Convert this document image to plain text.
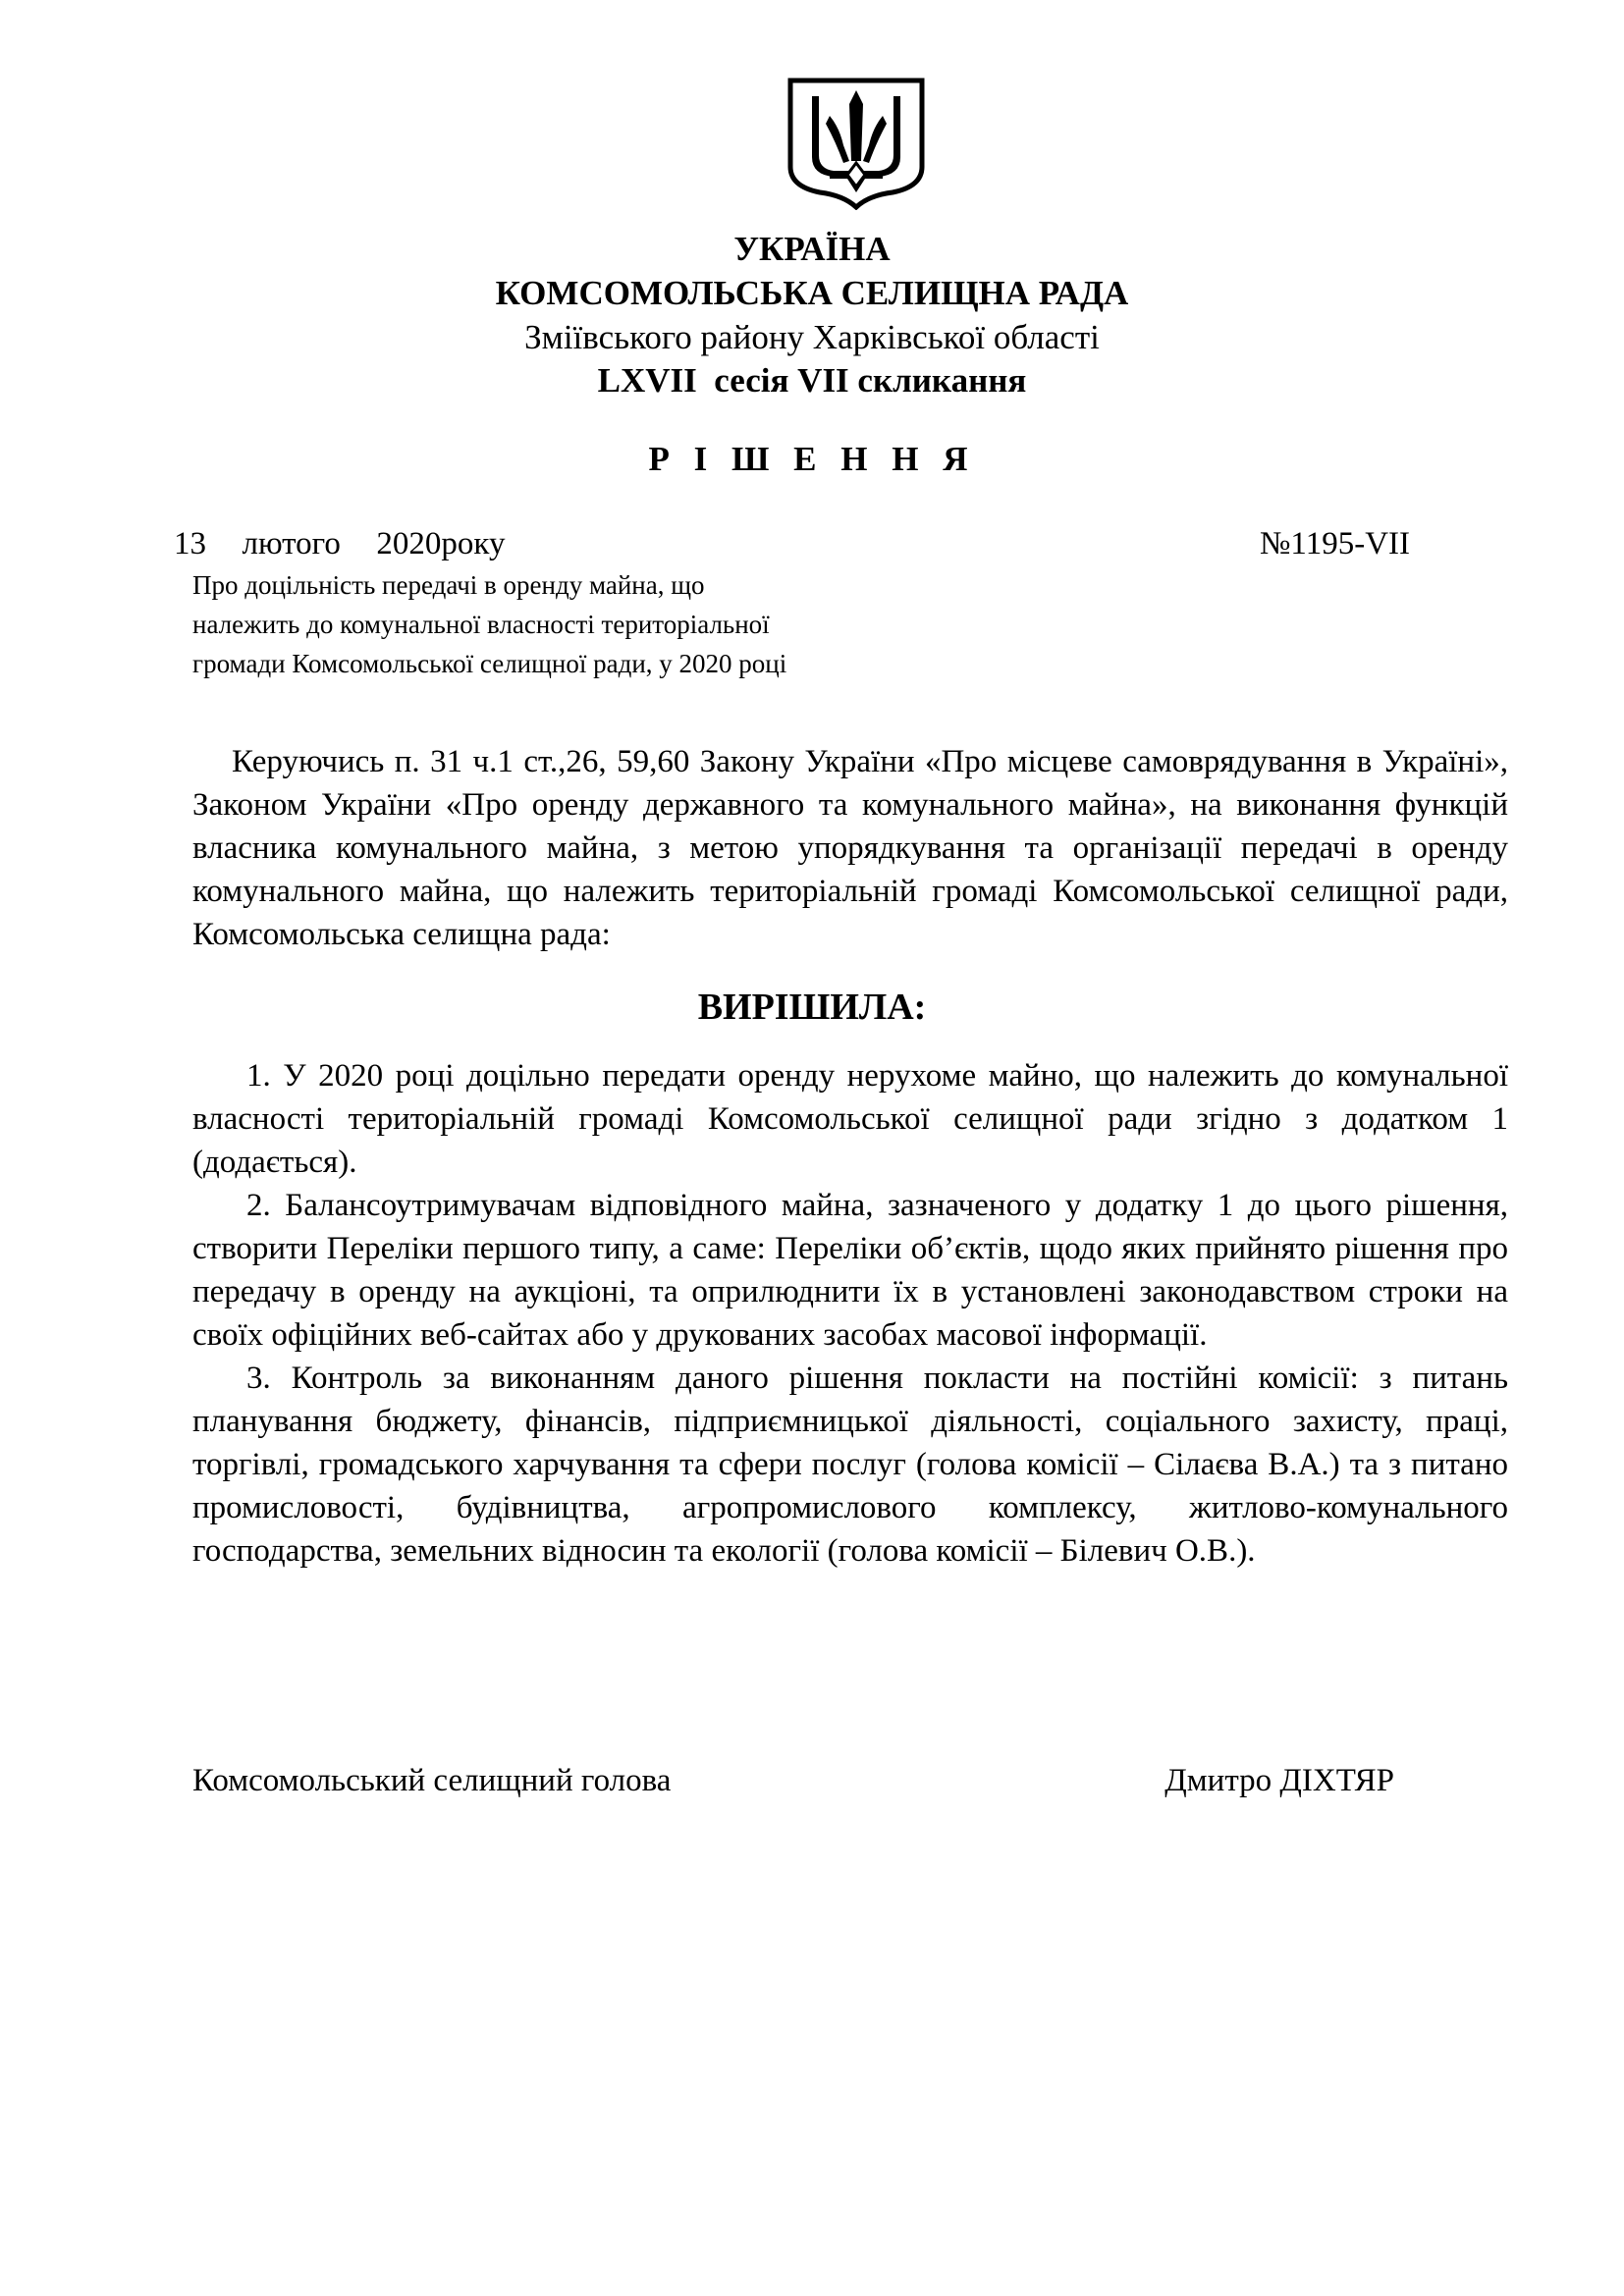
УКРАЇНА
КОМСОМОЛЬСЬКА СЕЛИЩНА РАДА
Зміївського району Харківської області
LXVII  сесія VII скликання
Р І Ш Е Н Н Я
13  лютого  2020року	№1195-VII
Про доцільність передачі в оренду майна, що
належить до комунальної власності територіальної
громади Комсомольської селищної ради, у 2020 році
Керуючись п. 31 ч.1 ст.,26, 59,60 Закону України «Про місцеве самоврядування в Україні», Законом України «Про оренду державного та комунального майна», на виконання функцій власника комунального майна, з метою упорядкування та організації передачі в оренду комунального майна, що належить територіальній громаді Комсомольської селищної ради, Комсомольська селищна рада:
ВИРІШИЛА:

1. У 2020 році доцільно передати оренду нерухоме майно, що належить до комунальної власності територіальній громаді Комсомольської селищної ради згідно з додатком 1 (додається).

2. Балансоутримувачам відповідного майна, зазначеного у додатку 1 до цього рішення, створити Переліки першого типу, а саме: Переліки об’єктів, щодо яких прийнято рішення про передачу в оренду на аукціоні, та оприлюднити їх в установлені законодавством строки на своїх офіційних веб-сайтах або у друкованих засобах масової інформації.

3. Контроль за виконанням даного рішення покласти на постійні комісії: з питань планування бюджету, фінансів, підприємницької діяльності, соціального захисту, праці, торгівлі, громадського харчування та сфери послуг (голова комісії – Сілаєва В.А.) та з питано промисловості, будівництва, агропромислового комплексу, житлово-комунального господарства, земельних відносин та екології (голова комісії – Білевич О.В.).

Комсомольський селищний голова	Дмитро ДІХТЯР
